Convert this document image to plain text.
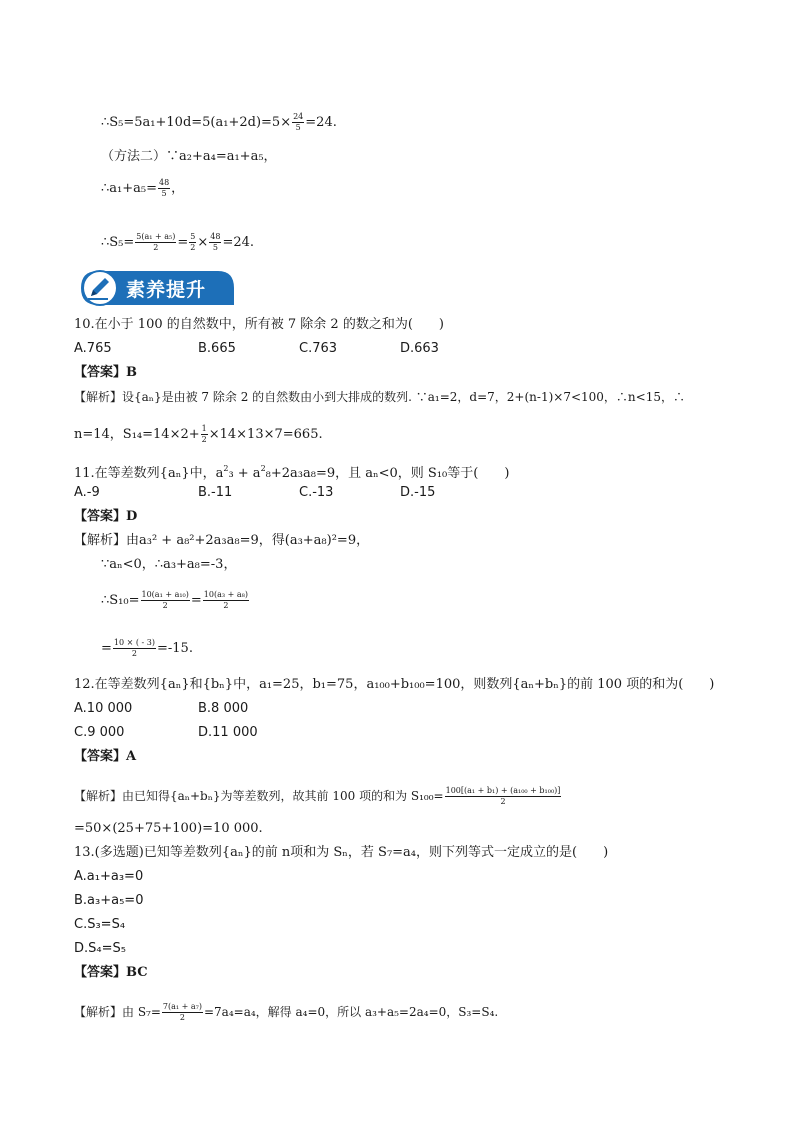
∴S₅=5a₁+10d=5(a₁+2d)=5× $\frac{24}{5} =24$.
（方法二）∵a₂+a₄=a₁+a₅，
∴a₁+a₅= $\frac{48}{5}$ ，
∴S₅= $\frac{\text{5(a₁ + a₅)}}{2} = \frac{5}{2} \times \frac{48}{5} =24$.
素养提升
10.在小于 100 的自然数中，所有被 7 除余 2 的数之和为(　　)
A.765	B.665	C.763	D.663
【答案】B
【解析】设{aₙ}是由被 7 除余 2 的自然数由小到大排成的数列. ∵a₁=2，d=7，2+(n-1)×7<100，∴n<15，∴
n=14，$S_{14}=14\times 2+ \frac{1}{2} \times 14\times 13\times 7=665$.
11.在等差数列{aₙ}中，$a^2_3 + a^2_8+2a_3a_8=9$，且 aₙ<0，则 S₁₀等于(　　)
A.-9	B.-11	C.-13	D.-15
【答案】D
【解析】由a₃² + a₈²+2a₃a₈=9，得(a₃+a₈)²=9，
∵aₙ<0，∴a₃+a₈=-3，
∴S₁₀= $\frac{\text{10(a₁ + a₁₀)}}{2} = \frac{\text{10(a₃ + a₈)}}{2}$
= $\frac{10 \times ( - 3)}{2} =-15$.
12.在等差数列{aₙ}和{bₙ}中，a₁=25，b₁=75，a₁₀₀+b₁₀₀=100，则数列{aₙ+bₙ}的前 100 项的和为(　　)
A.10 000	B.8 000
C.9 000	D.11 000
【答案】A
【解析】由已知得{aₙ+bₙ}为等差数列，故其前 100 项的和为 $S_{100}= \frac{\text{100[(a₁ + b₁) + (a₁₀₀ + b₁₀₀)]}}{2}$
=50×(25+75+100)=10 000.
13.(多选题)已知等差数列{aₙ}的前 n项和为 Sₙ，若 S₇=a₄，则下列等式一定成立的是(　　)
A.a₁+a₃=0
B.a₃+a₅=0
C.S₃=S₄
D.S₄=S₅
【答案】BC
【解析】由 $S_7= \frac{\text{7(a₁ + a₇)}}{2} =7a_4=a_4$，解得 a₄=0，所以 a₃+a₅=2a₄=0，S₃=S₄.
